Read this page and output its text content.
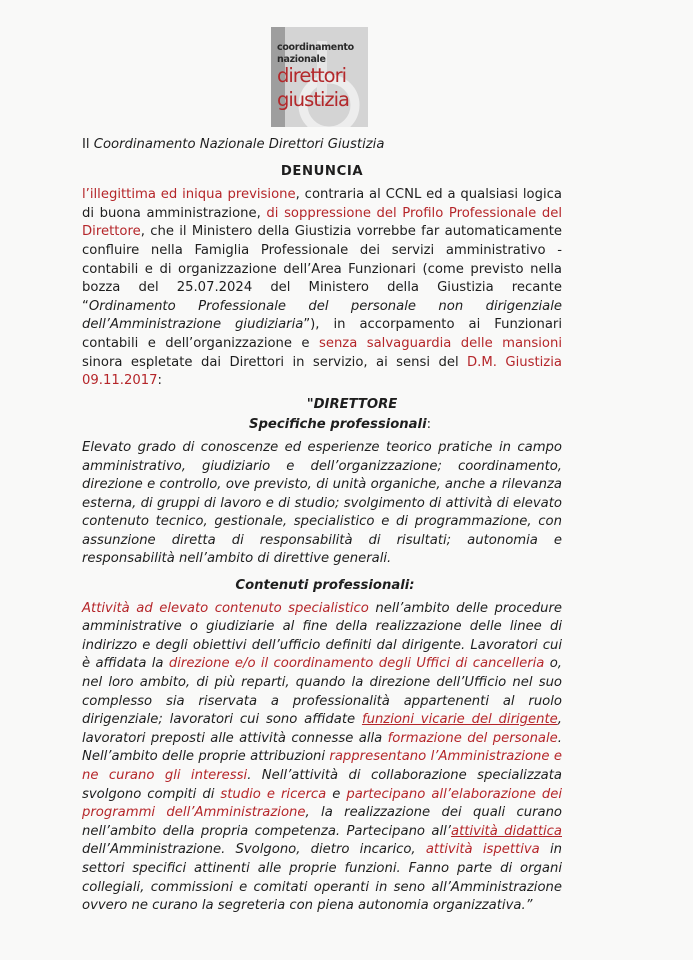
coordinamento
nazionale
direttori
giustizia

Il Coordinamento Nazionale Direttori Giustizia

DENUNCIA

l’illegittima ed iniqua previsione, contraria al CCNL ed a qualsiasi logica di buona amministrazione, di soppressione del Profilo Professionale del Direttore, che il Ministero della Giustizia vorrebbe far automaticamente confluire nella Famiglia Professionale dei servizi amministrativo - contabili e di organizzazione dell’Area Funzionari (come previsto nella bozza del 25.07.2024 del Ministero della Giustizia recante “Ordinamento Professionale del personale non dirigenziale dell’Amministrazione giudiziaria”), in accorpamento ai Funzionari contabili e dell’organizzazione e senza salvaguardia delle mansioni sinora espletate dai Direttori in servizio, ai sensi del D.M. Giustizia 09.11.2017:

"DIRETTORE
Specifiche professionali:

Elevato grado di conoscenze ed esperienze teorico pratiche in campo amministrativo, giudiziario e dell’organizzazione; coordinamento, direzione e controllo, ove previsto, di unità organiche, anche a rilevanza esterna, di gruppi di lavoro e di studio; svolgimento di attività di elevato contenuto tecnico, gestionale, specialistico e di programmazione, con assunzione diretta di responsabilità di risultati; autonomia e responsabilità nell’ambito di direttive generali.

Contenuti professionali:

Attività ad elevato contenuto specialistico nell’ambito delle procedure amministrative o giudiziarie al fine della realizzazione delle linee di indirizzo e degli obiettivi dell’ufficio definiti dal dirigente. Lavoratori cui è affidata la direzione e/o il coordinamento degli Uffici di cancelleria o, nel loro ambito, di più reparti, quando la direzione dell’Ufficio nel suo complesso sia riservata a professionalità appartenenti al ruolo dirigenziale; lavoratori cui sono affidate funzioni vicarie del dirigente, lavoratori preposti alle attività connesse alla formazione del personale. Nell’ambito delle proprie attribuzioni rappresentano l’Amministrazione e ne curano gli interessi. Nell’attività di collaborazione specializzata svolgono compiti di studio e ricerca e partecipano all’elaborazione dei programmi dell’Amministrazione, la realizzazione dei quali curano nell’ambito della propria competenza. Partecipano all’attività didattica dell’Amministrazione. Svolgono, dietro incarico, attività ispettiva in settori specifici attinenti alle proprie funzioni. Fanno parte di organi collegiali, commissioni e comitati operanti in seno all’Amministrazione ovvero ne curano la segreteria con piena autonomia organizzativa.”
